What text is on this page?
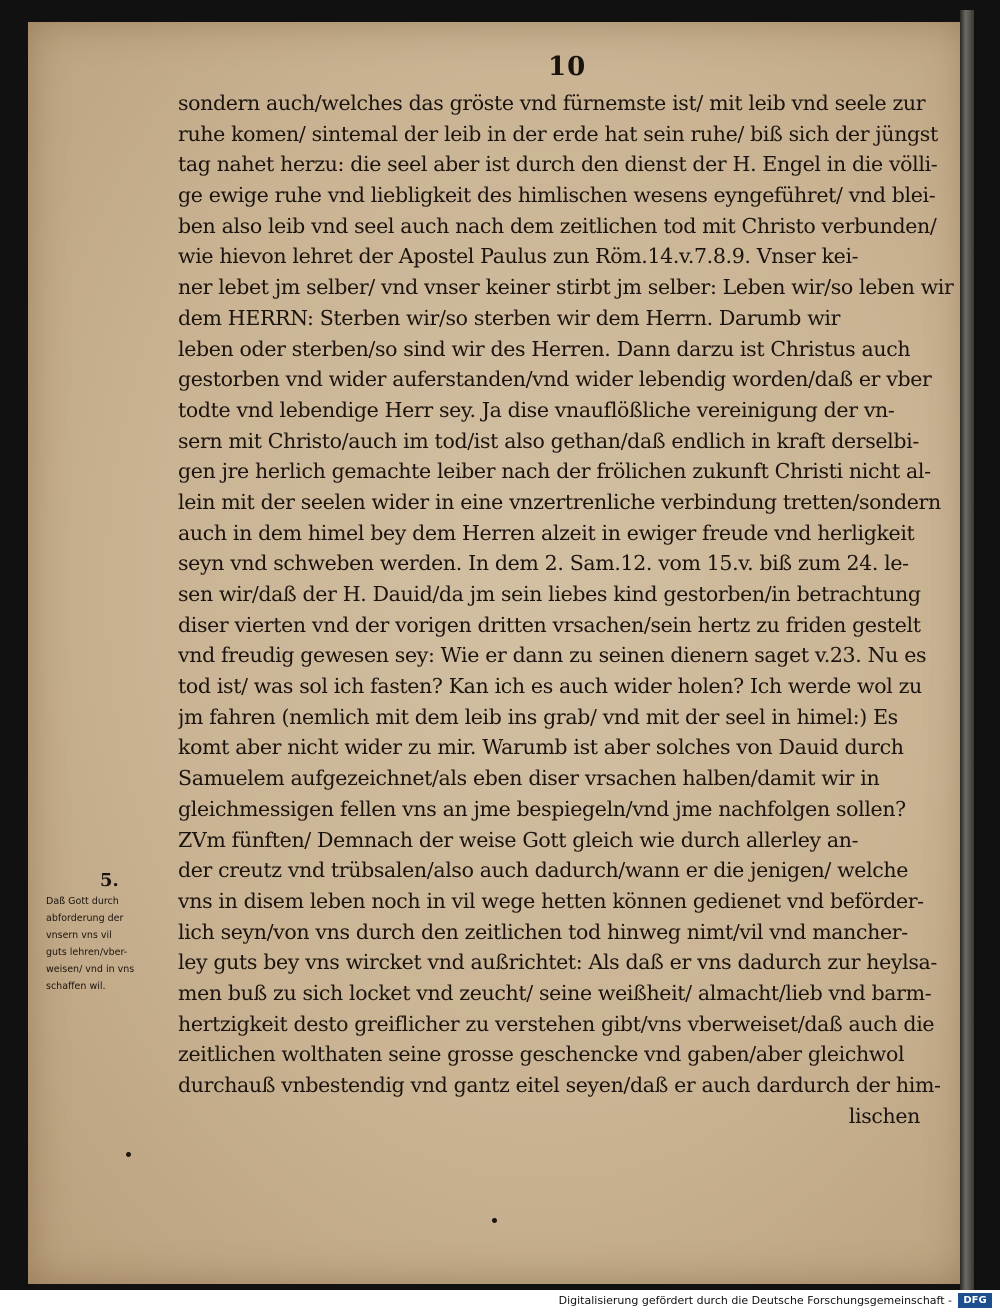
10
sondern auch/welches das gröste vnd fürnemste ist/ mit leib vnd seele zur
ruhe komen/ sintemal der leib in der erde hat sein ruhe/ biß sich der jüngst
tag nahet herzu: die seel aber ist durch den dienst der H. Engel in die völli-
ge ewige ruhe vnd liebligkeit des himlischen wesens eyngeführet/ vnd blei-
ben also leib vnd seel auch nach dem zeitlichen tod mit Christo verbunden/
wie hievon lehret der Apostel Paulus zun Röm.14.v.7.8.9. Vnser kei-
ner lebet jm selber/ vnd vnser keiner stirbt jm selber: Leben wir/so leben wir
dem HERRN: Sterben wir/so sterben wir dem Herrn. Darumb wir
leben oder sterben/so sind wir des Herren. Dann darzu ist Christus auch
gestorben vnd wider auferstanden/vnd wider lebendig worden/daß er vber
todte vnd lebendige Herr sey. Ja dise vnauflößliche vereinigung der vn-
sern mit Christo/auch im tod/ist also gethan/daß endlich in kraft derselbi-
gen jre herlich gemachte leiber nach der frölichen zukunft Christi nicht al-
lein mit der seelen wider in eine vnzertrenliche verbindung tretten/sondern
auch in dem himel bey dem Herren alzeit in ewiger freude vnd herligkeit
seyn vnd schweben werden. In dem 2. Sam.12. vom 15.v. biß zum 24. le-
sen wir/daß der H. Dauid/da jm sein liebes kind gestorben/in betrachtung
diser vierten vnd der vorigen dritten vrsachen/sein hertz zu friden gestelt
vnd freudig gewesen sey: Wie er dann zu seinen dienern saget v.23. Nu es
tod ist/ was sol ich fasten? Kan ich es auch wider holen? Ich werde wol zu
jm fahren (nemlich mit dem leib ins grab/ vnd mit der seel in himel:) Es
komt aber nicht wider zu mir. Warumb ist aber solches von Dauid durch
Samuelem aufgezeichnet/als eben diser vrsachen halben/damit wir in
gleichmessigen fellen vns an jme bespiegeln/vnd jme nachfolgen sollen?
ZVm fünften/ Demnach der weise Gott gleich wie durch allerley an-
der creutz vnd trübsalen/also auch dadurch/wann er die jenigen/ welche
vns in disem leben noch in vil wege hetten können gedienet vnd beförder-
lich seyn/von vns durch den zeitlichen tod hinweg nimt/vil vnd mancher-
ley guts bey vns wircket vnd außrichtet: Als daß er vns dadurch zur heylsa-
men buß zu sich locket vnd zeucht/ seine weißheit/ almacht/lieb vnd barm-
hertzigkeit desto greiflicher zu verstehen gibt/vns vberweiset/daß auch die
zeitlichen wolthaten seine grosse geschencke vnd gaben/aber gleichwol
durchauß vnbestendig vnd gantz eitel seyen/daß er auch dardurch der him-
lischen
5.
Daß Gott durch
abforderung der
vnsern vns vil
guts lehren/vber-
weisen/ vnd in vns
schaffen wil.
Digitalisierung gefördert durch die Deutsche Forschungsgemeinschaft -	DFG
